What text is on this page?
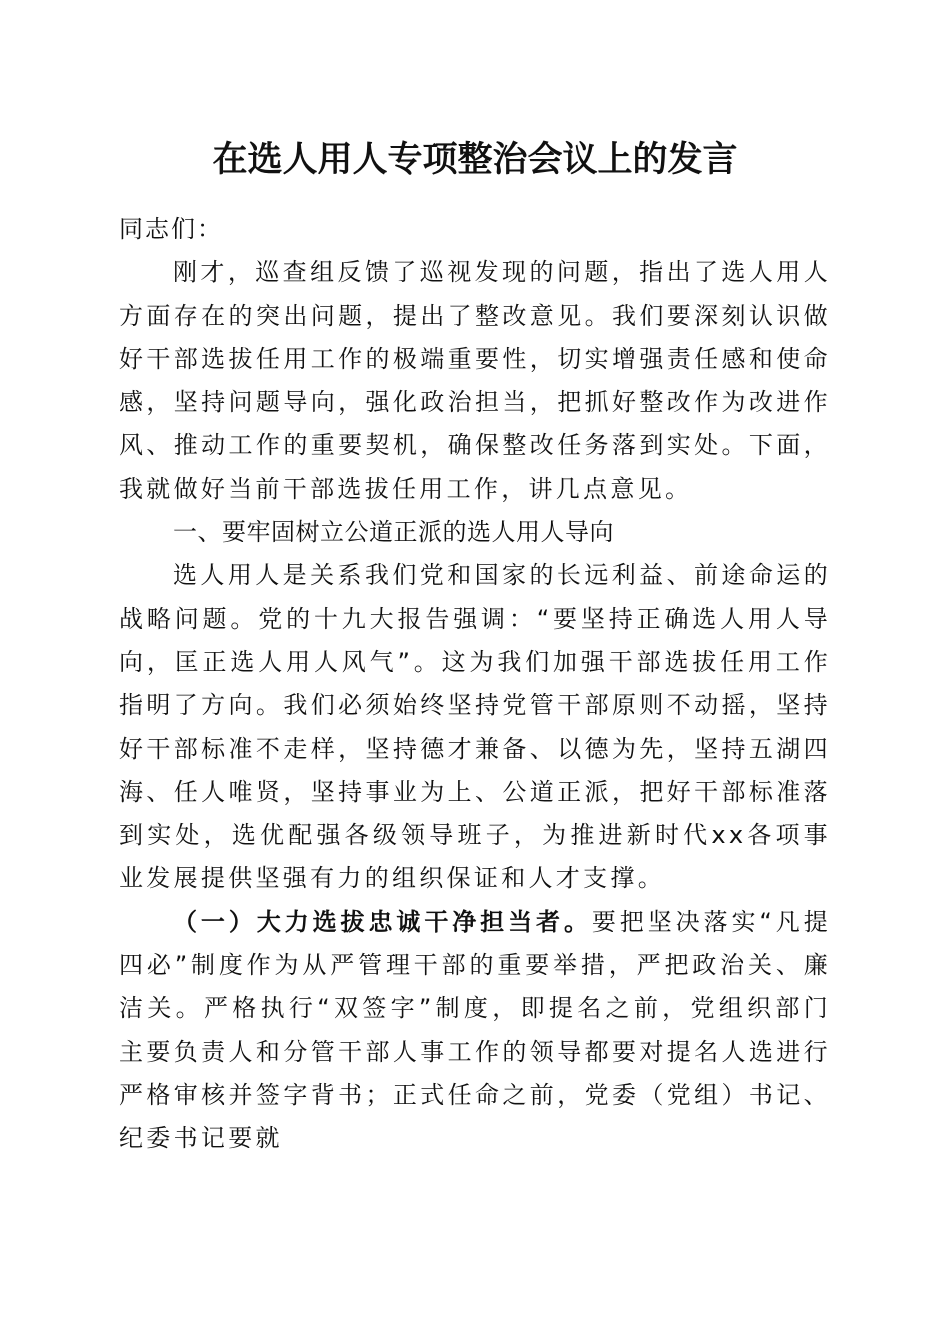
在选人用人专项整治会议上的发言

同志们：

刚才，巡查组反馈了巡视发现的问题，指出了选人用人方面存在的突出问题，提出了整改意见。我们要深刻认识做好干部选拔任用工作的极端重要性，切实增强责任感和使命感，坚持问题导向，强化政治担当，把抓好整改作为改进作风、推动工作的重要契机，确保整改任务落到实处。下面，我就做好当前干部选拔任用工作，讲几点意见。

一、要牢固树立公道正派的选人用人导向

选人用人是关系我们党和国家的长远利益、前途命运的战略问题。党的十九大报告强调：“要坚持正确选人用人导向，匡正选人用人风气”。这为我们加强干部选拔任用工作指明了方向。我们必须始终坚持党管干部原则不动摇，坚持好干部标准不走样，坚持德才兼备、以德为先，坚持五湖四海、任人唯贤，坚持事业为上、公道正派，把好干部标准落到实处，选优配强各级领导班子，为推进新时代xx各项事业发展提供坚强有力的组织保证和人才支撑。

（一）大力选拔忠诚干净担当者。要把坚决落实“凡提四必”制度作为从严管理干部的重要举措，严把政治关、廉洁关。严格执行“双签字”制度，即提名之前，党组织部门主要负责人和分管干部人事工作的领导都要对提名人选进行严格审核并签字背书；正式任命之前，党委（党组）书记、纪委书记要就
